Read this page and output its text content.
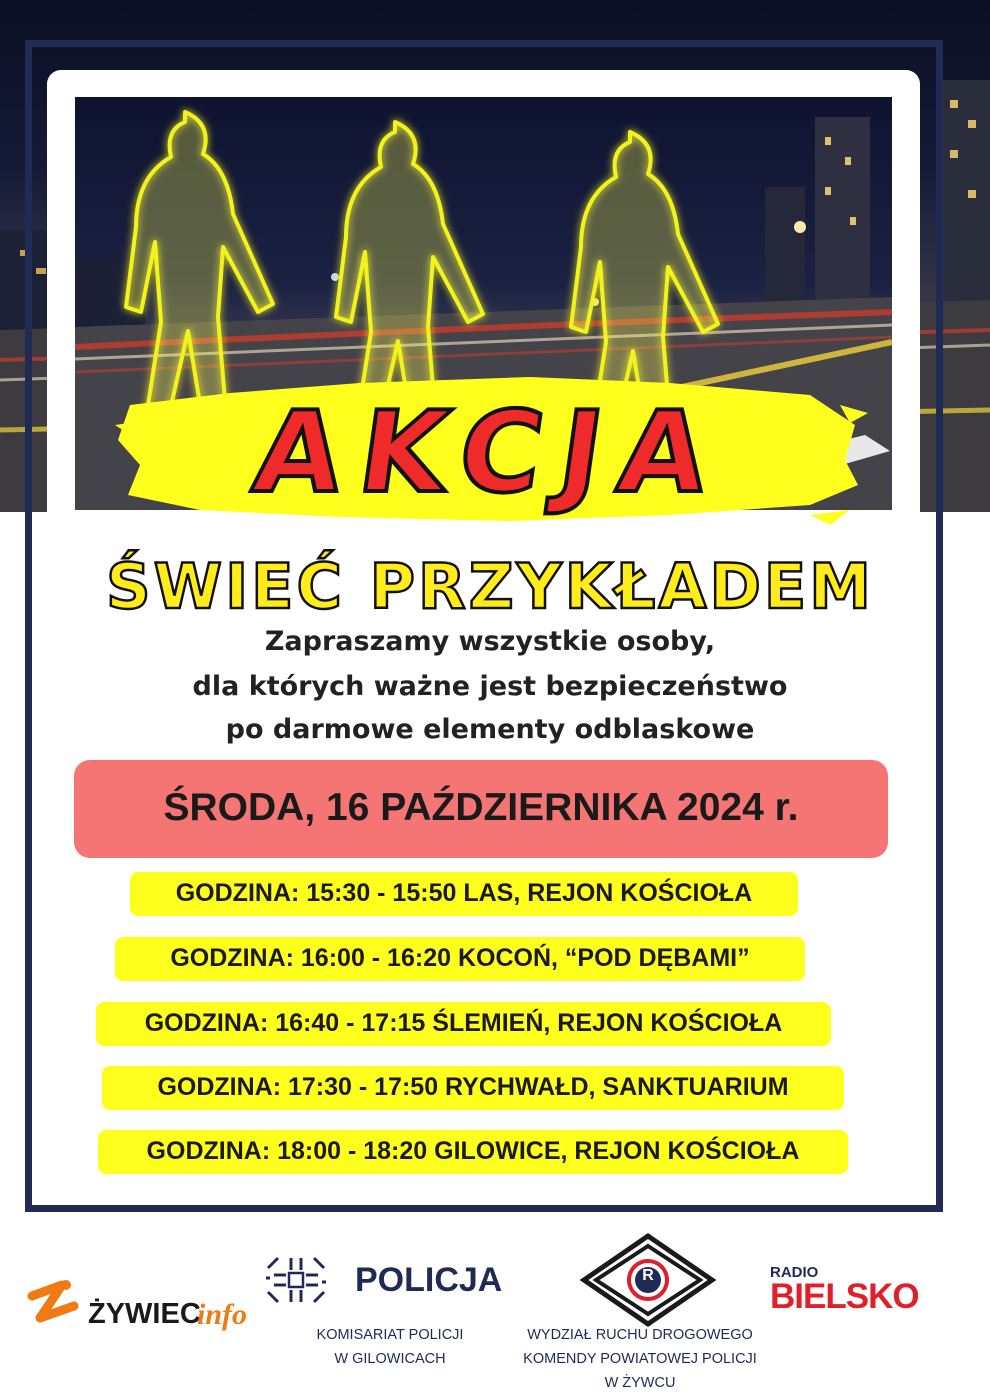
AKCJA
ŚWIEĆ PRZYKŁADEM
Zapraszamy wszystkie osoby,
dla których ważne jest bezpieczeństwo
po darmowe elementy odblaskowe
ŚRODA, 16 PAŹDZIERNIKA 2024 r.
GODZINA: 15:30 - 15:50 LAS, REJON KOŚCIOŁA
GODZINA: 16:00 - 16:20 KOCOŃ, “POD DĘBAMI”
GODZINA: 16:40 - 17:15 ŚLEMIEŃ, REJON KOŚCIOŁA
GODZINA: 17:30 - 17:50 RYCHWAŁD, SANKTUARIUM
GODZINA: 18:00 - 18:20 GILOWICE, REJON KOŚCIOŁA
ŻYWIEC
info
POLICJA
KOMISARIAT POLICJI
W GILOWICACH
R
WYDZIAŁ RUCHU DROGOWEGO
KOMENDY POWIATOWEJ POLICJI
W ŻYWCU
RADIO
BIELSKO
